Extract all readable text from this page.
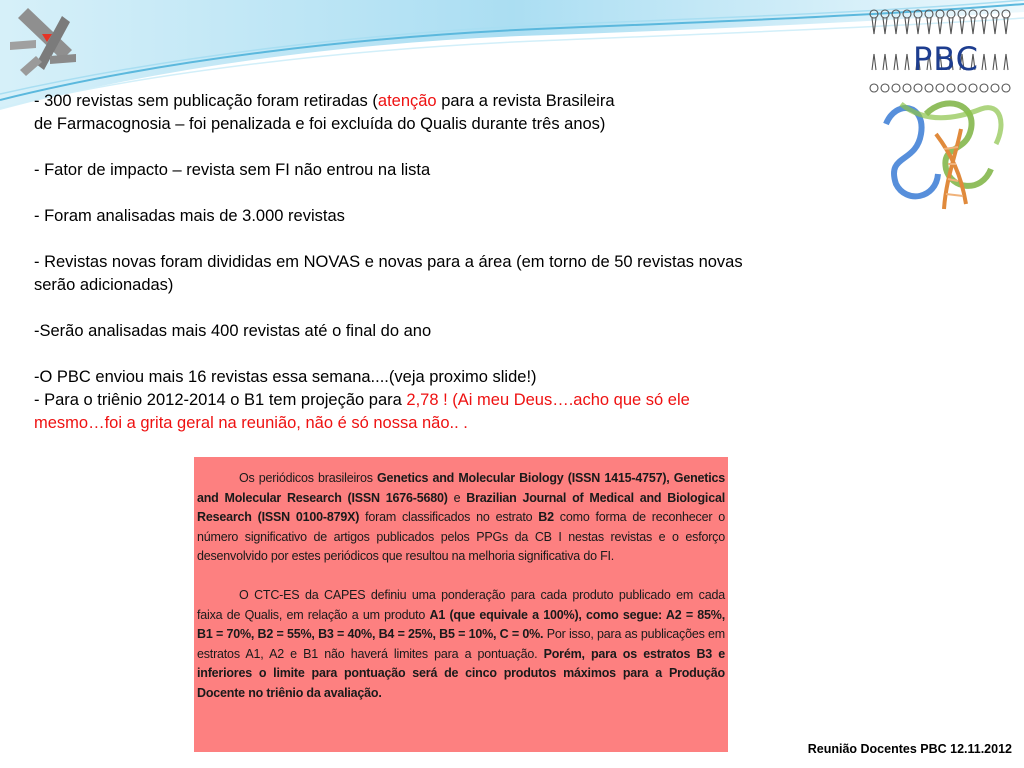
PBC

- 300 revistas sem publicação foram retiradas (atenção para a revista Brasileira

de Farmacognosia – foi penalizada e foi excluída do Qualis durante três anos)

- Fator de impacto – revista sem FI não entrou na lista

- Foram analisadas mais de 3.000 revistas

- Revistas novas foram divididas em NOVAS e novas para a área (em torno de 50 revistas novas

serão adicionadas)

-Serão analisadas mais 400 revistas até o final do ano

-O PBC enviou mais 16 revistas essa semana....(veja proximo slide!)

- Para o triênio 2012-2014 o B1 tem projeção para 2,78 ! (Ai meu Deus….acho que só ele

mesmo…foi a grita geral na reunião, não é só nossa não.. .

Os periódicos brasileiros Genetics and Molecular Biology (ISSN 1415-4757), Genetics and Molecular Research (ISSN 1676-5680) e Brazilian Journal of Medical and Biological Research (ISSN 0100-879X) foram classificados no estrato B2 como forma de reconhecer o número significativo de artigos publicados pelos PPGs da CB I nestas revistas e o esforço desenvolvido por estes periódicos que resultou na melhoria significativa do FI.

O CTC-ES da CAPES definiu uma ponderação para cada produto publicado em cada faixa de Qualis, em relação a um produto A1 (que equivale a 100%), como segue: A2 = 85%, B1 = 70%, B2 = 55%, B3 = 40%, B4 = 25%, B5 = 10%, C = 0%. Por isso, para as publicações em estratos A1, A2 e B1 não haverá limites para a pontuação. Porém, para os estratos B3 e inferiores o limite para pontuação será de cinco produtos máximos para a Produção Docente no triênio da avaliação.

Reunião Docentes PBC 12.11.2012
